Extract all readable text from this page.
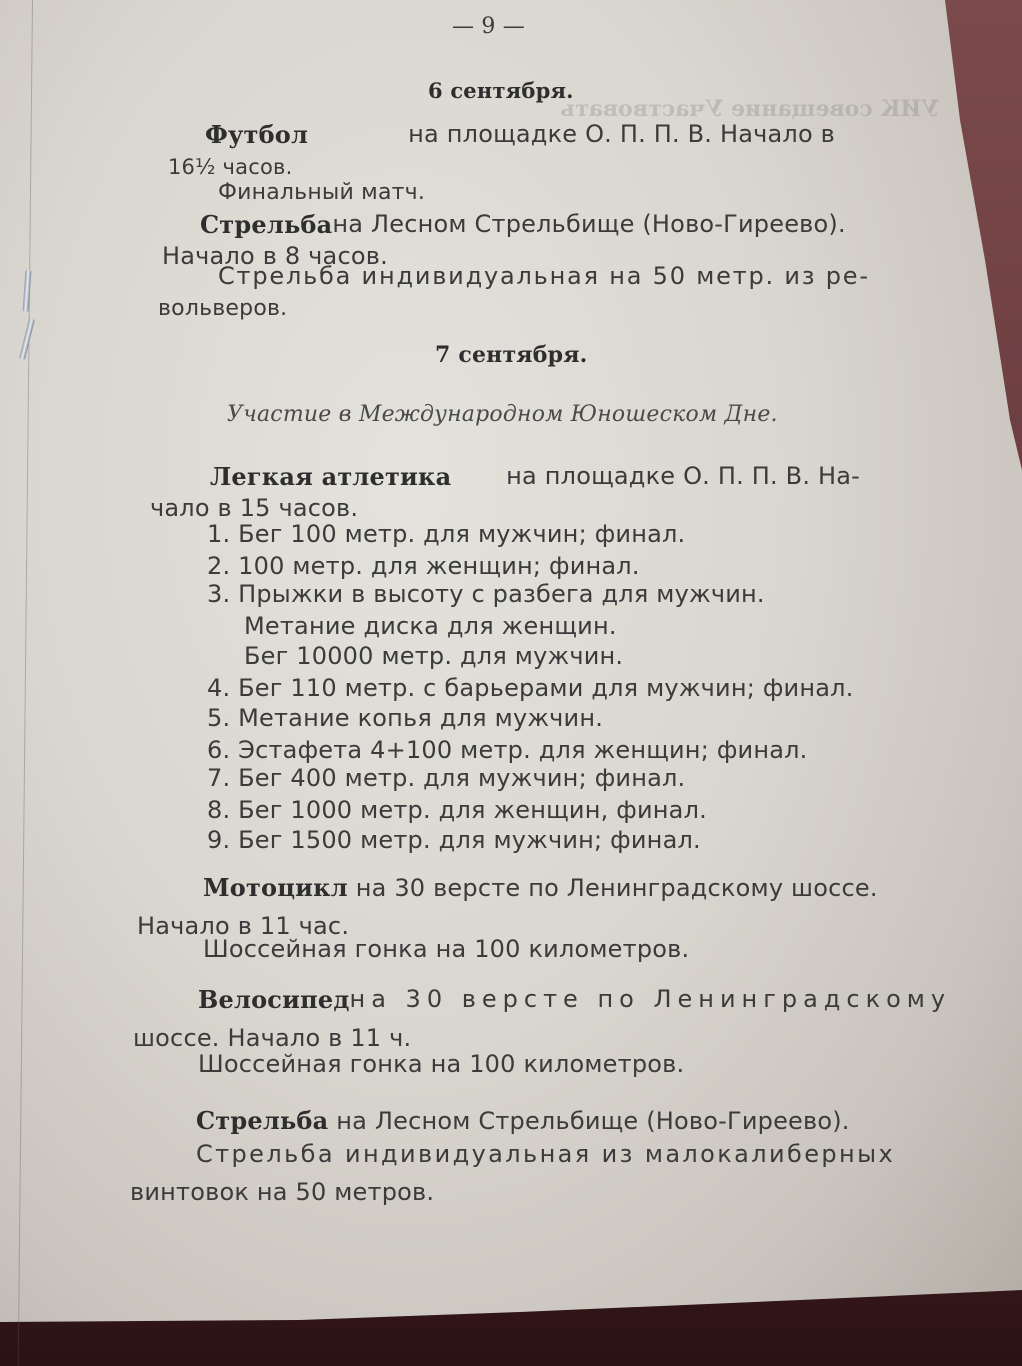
УИК совещание Участвовать
— 9 —
6 сентября.
Футбол	на площадке О. П. П. В. Начало в
16½ часов.
Финальный матч.
Стрельба на Лесном Стрельбище (Ново-Гиреево).
Начало в 8 часов.
Стрельба индивидуальная на 50 метр. из ре-
вольверов.
7 сентября.
Участие в Международном Юношеском Дне.
Легкая атлетика на площадке О. П. П. В. На-
чало в 15 часов.
1. Бег 100 метр. для мужчин; финал.
2. 100 метр. для женщин; финал.
3. Прыжки в высоту с разбега для мужчин.
Метание диска для женщин.
Бег 10000 метр. для мужчин.
4. Бег 110 метр. с барьерами для мужчин; финал.
5. Метание копья для мужчин.
6. Эстафета 4+100 метр. для женщин; финал.
7. Бег 400 метр. для мужчин; финал.
8. Бег 1000 метр. для женщин, финал.
9. Бег 1500 метр. для мужчин; финал.
Мотоцикл на 30 версте по Ленинградскому шоссе.
Начало в 11 час.
Шоссейная гонка на 100 километров.
Велосипед на 30 версте по Ленинградскому
шоссе. Начало в 11 ч.
Шоссейная гонка на 100 километров.
Стрельба на Лесном Стрельбище (Ново-Гиреево).
Стрельба индивидуальная из малокалиберных
винтовок на 50 метров.
